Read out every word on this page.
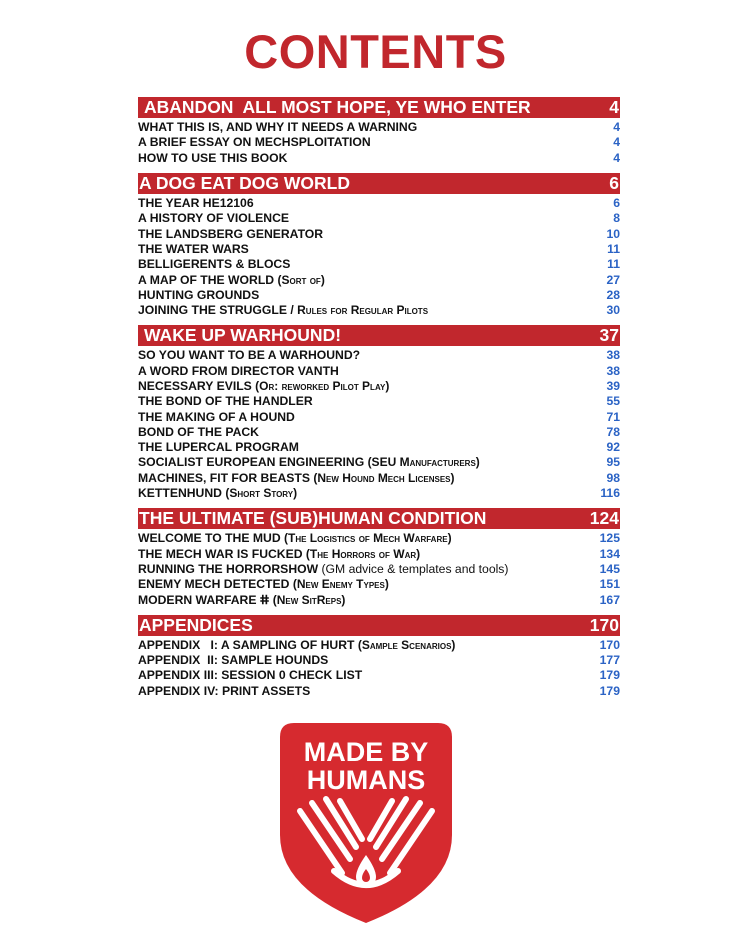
CONTENTS
ABANDON  ALL MOST HOPE, YE WHO ENTER	4
WHAT THIS IS, AND WHY IT NEEDS A WARNING	4
A BRIEF ESSAY ON MECHSPLOITATION	4
HOW TO USE THIS BOOK	4
A DOG EAT DOG WORLD	6
THE YEAR HE12106	6
A HISTORY OF VIOLENCE	8
THE LANDSBERG GENERATOR	10
THE WATER WARS	11
BELLIGERENTS & BLOCS	11
A MAP OF THE WORLD (Sort of)	27
HUNTING GROUNDS	28
JOINING THE STRUGGLE / Rules for Regular Pilots	30
WAKE UP WARHOUND!	37
SO YOU WANT TO BE A WARHOUND?	38
A WORD FROM DIRECTOR VANTH	38
NECESSARY EVILS (Or: reworked Pilot Play)	39
THE BOND OF THE HANDLER	55
THE MAKING OF A HOUND	71
BOND OF THE PACK	78
THE LUPERCAL PROGRAM	92
SOCIALIST EUROPEAN ENGINEERING (SEU Manufacturers)	95
MACHINES, FIT FOR BEASTS (New Hound Mech Licenses)	98
KETTENHUND (Short Story)	116
THE ULTIMATE (SUB)HUMAN CONDITION	124
WELCOME TO THE MUD (The Logistics of Mech Warfare)	125
THE MECH WAR IS FUCKED (The Horrors of War)	134
RUNNING THE HORRORSHOW (GM advice & templates and tools)	145
ENEMY MECH DETECTED (New Enemy Types)	151
MODERN WARFARE ⵌ (New SitReps)	167
APPENDICES	170
APPENDIX   I: A SAMPLING OF HURT (Sample Scenarios)	170
APPENDIX  II: SAMPLE HOUNDS	177
APPENDIX III: SESSION 0 CHECK LIST	179
APPENDIX IV: PRINT ASSETS	179
MADE BY
HUMANS
